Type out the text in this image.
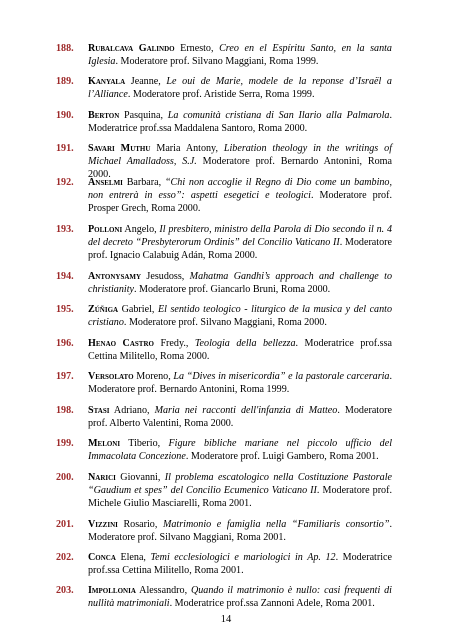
188.	Rubalcava Galindo Ernesto, Creo en el Espíritu Santo, en la santa Iglesia. Moderatore prof. Silvano Maggiani, Roma 1999.
189.	Kanyala Jeanne, Le oui de Marie, modele de la reponse d’Israël a l’Alliance. Moderatore prof. Aristide Serra, Roma 1999.
190.	Berton Pasquina, La comunità cristiana di San Ilario alla Palmarola. Moderatrice prof.ssa Maddalena Santoro, Roma 2000.
191.	Savari Muthu Maria Antony, Liberation theology in the writings of Michael Amalladoss, S.J. Moderatore prof. Bernardo Antonini, Roma 2000.
192.	Anselmi Barbara, “Chi non accoglie il Regno di Dio come un bambino, non entrerà in esso”: aspetti esegetici e teologici. Moderatore prof. Prosper Grech, Roma 2000.
193.	Polloni Angelo, Il presbitero, ministro della Parola di Dio secondo il n. 4 del decreto “Presbyterorum Ordinis” del Concilio Vaticano II. Moderatore prof. Ignacio Calabuig Adán, Roma 2000.
194.	Antonysamy Jesudoss, Mahatma Gandhi’s approach and challenge to christianity. Moderatore prof. Giancarlo Bruni, Roma 2000.
195.	Zúñiga Gabriel, El sentido teologico - liturgico de la musica y del canto cristiano. Moderatore prof. Silvano Maggiani, Roma 2000.
196.	Henao Castro Fredy., Teologia della bellezza. Moderatrice prof.ssa Cettina Militello, Roma 2000.
197.	Versolato Moreno, La “Dives in misericordia” e la pastorale carceraria. Moderatore prof. Bernardo Antonini, Roma 1999.
198.	Stasi Adriano, Maria nei racconti dell'infanzia di Matteo. Moderatore prof. Alberto Valentini, Roma 2000.
199.	Meloni Tiberio, Figure bibliche mariane nel piccolo ufficio del Immacolata Concezione. Moderatore prof. Luigi Gambero, Roma 2001.
200.	Narici Giovanni, Il problema escatologico nella Costituzione Pastorale “Gaudium et spes” del Concilio Ecumenico Vaticano II. Moderatore prof. Michele Giulio Masciarelli, Roma 2001.
201.	Vizzini Rosario, Matrimonio e famiglia nella “Familiaris consortio”. Moderatore prof. Silvano Maggiani, Roma 2001.
202.	Conca Elena, Temi ecclesiologici e mariologici in Ap. 12. Moderatrice prof.ssa Cettina Militello, Roma 2001.
203.	Impollonia Alessandro, Quando il matrimonio è nullo: casi frequenti di nullità matrimoniali. Moderatrice prof.ssa Zannoni Adele, Roma 2001.
14
